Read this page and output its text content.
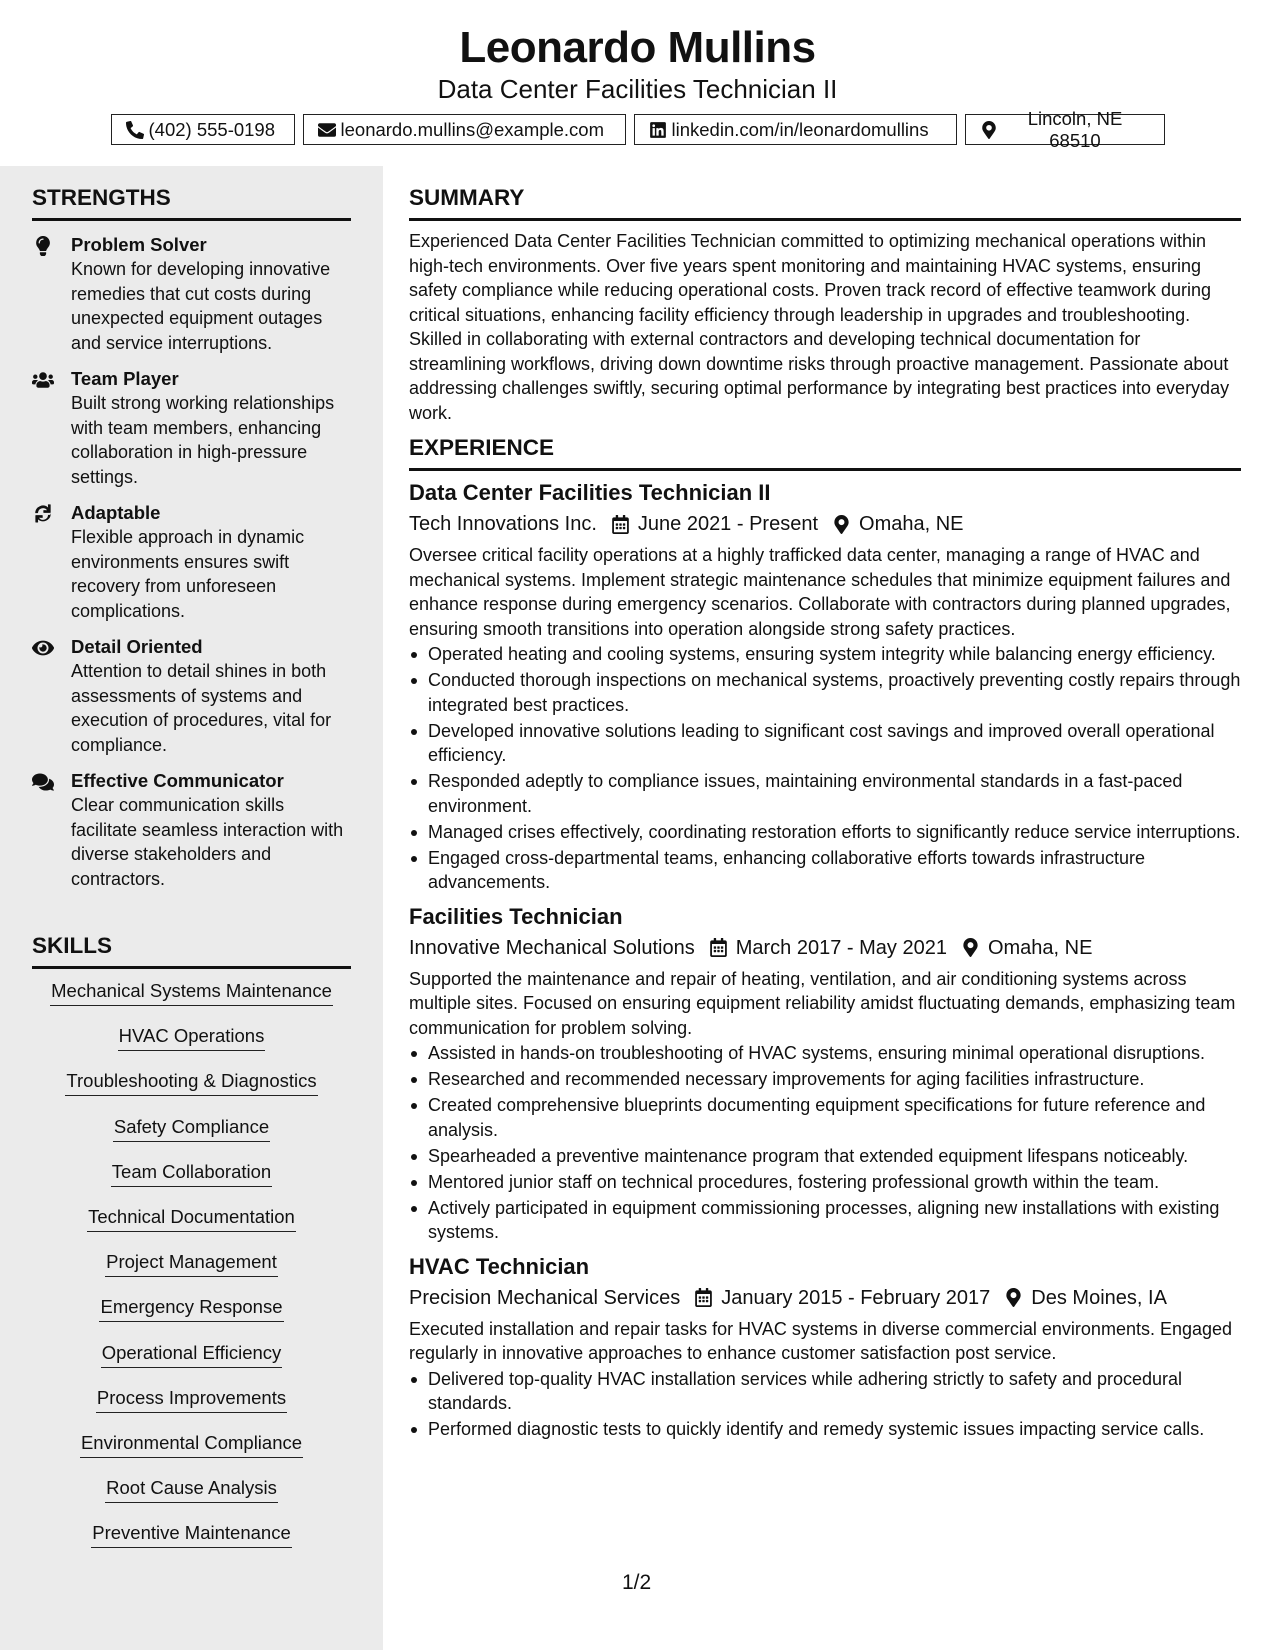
Leonardo Mullins
Data Center Facilities Technician II
(402) 555-0198	leonardo.mullins@example.com	linkedin.com/in/leonardomullins
Lincoln, NE 68510
STRENGTHS
Problem Solver
Known for developing innovative remedies that cut costs during unexpected equipment outages and service interruptions.
Team Player
Built strong working relationships with team members, enhancing collaboration in high-pressure settings.
Adaptable
Flexible approach in dynamic environments ensures swift recovery from unforeseen complications.
Detail Oriented
Attention to detail shines in both assessments of systems and execution of procedures, vital for compliance.
Effective Communicator
Clear communication skills facilitate seamless interaction with diverse stakeholders and contractors.
SKILLS
Mechanical Systems Maintenance
HVAC Operations
Troubleshooting & Diagnostics
Safety Compliance
Team Collaboration
Technical Documentation
Project Management
Emergency Response
Operational Efficiency
Process Improvements
Environmental Compliance
Root Cause Analysis
Preventive Maintenance
SUMMARY

Experienced Data Center Facilities Technician committed to optimizing mechanical operations within high-tech environments. Over five years spent monitoring and maintaining HVAC systems, ensuring safety compliance while reducing operational costs. Proven track record of effective teamwork during critical situations, enhancing facility efficiency through leadership in upgrades and troubleshooting. Skilled in collaborating with external contractors and developing technical documentation for streamlining workflows, driving down downtime risks through proactive management. Passionate about addressing challenges swiftly, securing optimal performance by integrating best practices into everyday work.

EXPERIENCE
Data Center Facilities Technician II
Tech Innovations Inc. June 2021 - Present Omaha, NE
Oversee critical facility operations at a highly trafficked data center, managing a range of HVAC and mechanical systems. Implement strategic maintenance schedules that minimize equipment failures and enhance response during emergency scenarios. Collaborate with contractors during planned upgrades, ensuring smooth transitions into operation alongside strong safety practices.
Operated heating and cooling systems, ensuring system integrity while balancing energy efficiency.
Conducted thorough inspections on mechanical systems, proactively preventing costly repairs through integrated best practices.
Developed innovative solutions leading to significant cost savings and improved overall operational efficiency.
Responded adeptly to compliance issues, maintaining environmental standards in a fast-paced environment.
Managed crises effectively, coordinating restoration efforts to significantly reduce service interruptions.
Engaged cross-departmental teams, enhancing collaborative efforts towards infrastructure advancements.
Facilities Technician
Innovative Mechanical Solutions March 2017 - May 2021 Omaha, NE
Supported the maintenance and repair of heating, ventilation, and air conditioning systems across multiple sites. Focused on ensuring equipment reliability amidst fluctuating demands, emphasizing team communication for problem solving.
Assisted in hands-on troubleshooting of HVAC systems, ensuring minimal operational disruptions.
Researched and recommended necessary improvements for aging facilities infrastructure.
Created comprehensive blueprints documenting equipment specifications for future reference and analysis.
Spearheaded a preventive maintenance program that extended equipment lifespans noticeably.
Mentored junior staff on technical procedures, fostering professional growth within the team.
Actively participated in equipment commissioning processes, aligning new installations with existing systems.
HVAC Technician
Precision Mechanical Services January 2015 - February 2017 Des Moines, IA
Executed installation and repair tasks for HVAC systems in diverse commercial environments. Engaged regularly in innovative approaches to enhance customer satisfaction post service.
Delivered top-quality HVAC installation services while adhering strictly to safety and procedural standards.
Performed diagnostic tests to quickly identify and remedy systemic issues impacting service calls.
1/2
